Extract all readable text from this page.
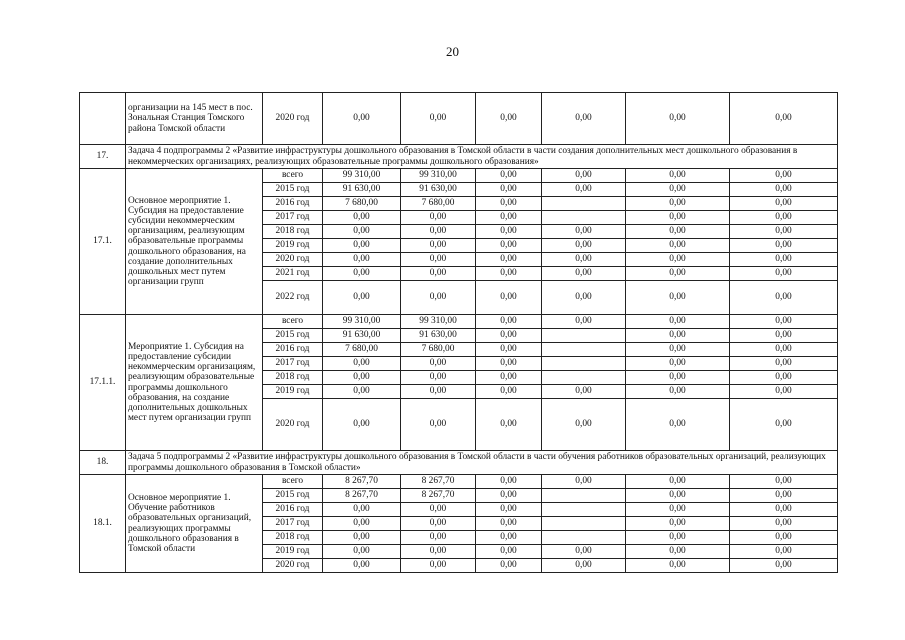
20
	организации на 145 мест в пос. Зональная Станция Томского района Томской области	2020 год	0,00	0,00	0,00	0,00	0,00	0,00
17.	Задача 4 подпрограммы 2 «Развитие инфраструктуры дошкольного образования в Томской области в части создания дополнительных мест дошкольного образования в некоммерческих организациях, реализующих образовательные программы дошкольного образования»							
17.1.	Основное мероприятие 1. Субсидия на предоставление субсидии некоммерческим организациям, реализующим образовательные программы дошкольного образования, на создание дополнительных дошкольных мест путем организации групп	всего	99 310,00	99 310,00	0,00	0,00	0,00	0,00
		2015 год	91 630,00	91 630,00	0,00	0,00	0,00	0,00
		2016 год	7 680,00	7 680,00	0,00		0,00	0,00
		2017 год	0,00	0,00	0,00		0,00	0,00
		2018 год	0,00	0,00	0,00	0,00	0,00	0,00
		2019 год	0,00	0,00	0,00	0,00	0,00	0,00
		2020 год	0,00	0,00	0,00	0,00	0,00	0,00
		2021 год	0,00	0,00	0,00	0,00	0,00	0,00
		2022 год	0,00	0,00	0,00	0,00	0,00	0,00
17.1.1.	Мероприятие 1. Субсидия на предоставление субсидии некоммерческим организациям, реализующим образовательные программы дошкольного образования, на создание дополнительных дошкольных мест путем организации групп	всего	99 310,00	99 310,00	0,00	0,00	0,00	0,00
		2015 год	91 630,00	91 630,00	0,00		0,00	0,00
		2016 год	7 680,00	7 680,00	0,00		0,00	0,00
		2017 год	0,00	0,00	0,00		0,00	0,00
		2018 год	0,00	0,00	0,00		0,00	0,00
		2019 год	0,00	0,00	0,00	0,00	0,00	0,00
		2020 год	0,00	0,00	0,00	0,00	0,00	0,00
18.	Задача 5 подпрограммы 2 «Развитие инфраструктуры дошкольного образования в Томской области в части обучения работников образовательных организаций, реализующих программы дошкольного образования в Томской области»							
18.1.	Основное мероприятие 1. Обучение работников образовательных организаций, реализующих программы дошкольного образования в Томской области	всего	8 267,70	8 267,70	0,00	0,00	0,00	0,00
		2015 год	8 267,70	8 267,70	0,00		0,00	0,00
		2016 год	0,00	0,00	0,00		0,00	0,00
		2017 год	0,00	0,00	0,00		0,00	0,00
		2018 год	0,00	0,00	0,00		0,00	0,00
		2019 год	0,00	0,00	0,00	0,00	0,00	0,00
		2020 год	0,00	0,00	0,00	0,00	0,00	0,00
